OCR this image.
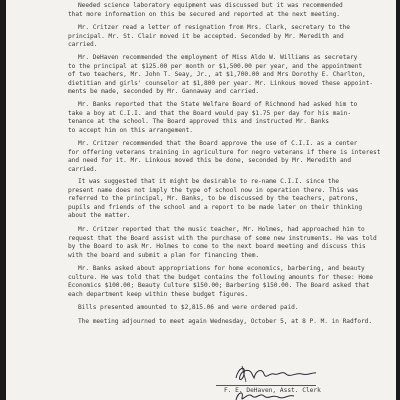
Needed science laboratory equipment was discussed but it was recommended
that more information on this be secured and reported at the next meeting.
Mr. Critzer read a letter of resignation from Mrs. Clark, secretary to the
principal. Mr. St. Clair moved it be accepted. Seconded by Mr. Meredith and
carried.
Mr. DeHaven recommended the employment of Miss Aldo W. Williams as secretary
to the principal at $125.00 per month or $1,500.00 per year, and the appointment
of two teachers, Mr. John T. Seay, Jr., at $1,700.00 and Mrs Dorothy E. Charlton,
dietitian and girls' counselor at $1,800 per year. Mr. Linkous moved these appoint-
ments be made, seconded by Mr. Gannaway and carried.
Mr. Banks reported that the State Welfare Board of Richmond had asked him to
take a boy at C.I.I. and that the Board would pay $1.75 per day for his main-
tenance at the school. The Board approved this and instructed Mr. Banks
to accept him on this arrangement.
Mr. Critzer recommended that the Board approve the use of C.I.I. as a center
for offering veterans training in agriculture for negro veterans if there is interest
and need for it. Mr. Linkous moved this be done, seconded by Mr. Meredith and
carried.
It was suggested that it might be desirable to re-name C.I.I. since the
present name does not imply the type of school now in operation there. This was
referred to the principal, Mr. Banks, to be discussed by the teachers, patrons,
pupils and friends of the school and a report to be made later on their thinking
about the matter.
Mr. Critzer reported that the music teacher, Mr. Holmes, had approached him to
request that the Board assist with the purchase of some new instruments. He was told
by the Board to ask Mr. Holmes to come to the next board meeting and discuss this
with the board and submit a plan for financing them.
Mr. Banks asked about appropriations for home economics, barbering, and beauty
culture. He was told that the budget contains the following amounts for these: Home
Economics $100.00; Beauty Culture $150.00; Barbering $150.00. The Board asked that
each department keep within these budget figures.
Bills presented amounted to $2,815.06 and were ordered paid.
The meeting adjourned to meet again Wednesday, October 5, at 8 P. M. in Radford.
F. E. DeHaven, Asst. Clerk
